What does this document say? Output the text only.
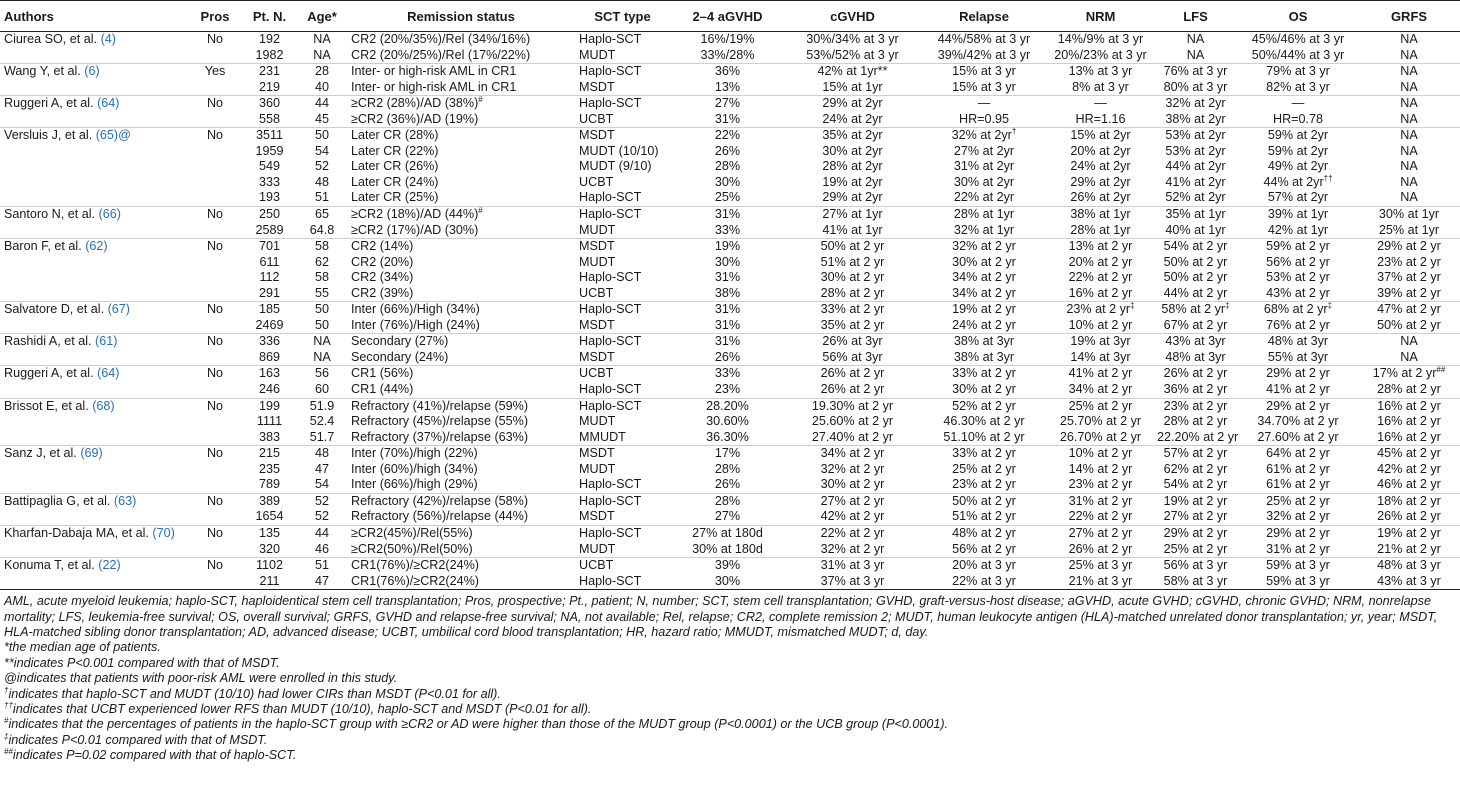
Authors	Pros	Pt. N.	Age*	Remission status	SCT type	2–4 aGVHD	cGVHD	Relapse	NRM	LFS	OS	GRFS
Ciurea SO, et al. (4)	No	192	NA	CR2 (20%/35%)/Rel (34%/16%)	Haplo-SCT	16%/19%	30%/34% at 3 yr	44%/58% at 3 yr	14%/9% at 3 yr	NA	45%/46% at 3 yr	NA
		1982	NA	CR2 (20%/25%)/Rel (17%/22%)	MUDT	33%/28%	53%/52% at 3 yr	39%/42% at 3 yr	20%/23% at 3 yr	NA	50%/44% at 3 yr	NA
Wang Y, et al. (6)	Yes	231	28	Inter- or high-risk AML in CR1	Haplo-SCT	36%	42% at 1yr**	15% at 3 yr	13% at 3 yr	76% at 3 yr	79% at 3 yr	NA
		219	40	Inter- or high-risk AML in CR1	MSDT	13%	15% at 1yr	15% at 3 yr	8% at 3 yr	80% at 3 yr	82% at 3 yr	NA
Ruggeri A, et al. (64)	No	360	44	≥CR2 (28%)/AD (38%)#	Haplo-SCT	27%	29% at 2yr	—	—	32% at 2yr	—	NA
		558	45	≥CR2 (36%)/AD (19%)	UCBT	31%	24% at 2yr	HR=0.95	HR=1.16	38% at 2yr	HR=0.78	NA
Versluis J, et al. (65)@	No	3511	50	Later CR (28%)	MSDT	22%	35% at 2yr	32% at 2yr†	15% at 2yr	53% at 2yr	59% at 2yr	NA
		1959	54	Later CR (22%)	MUDT (10/10)	26%	30% at 2yr	27% at 2yr	20% at 2yr	53% at 2yr	59% at 2yr	NA
		549	52	Later CR (26%)	MUDT (9/10)	28%	28% at 2yr	31% at 2yr	24% at 2yr	44% at 2yr	49% at 2yr	NA
		333	48	Later CR (24%)	UCBT	30%	19% at 2yr	30% at 2yr	29% at 2yr	41% at 2yr	44% at 2yr††	NA
		193	51	Later CR (25%)	Haplo-SCT	25%	29% at 2yr	22% at 2yr	26% at 2yr	52% at 2yr	57% at 2yr	NA
Santoro N, et al. (66)	No	250	65	≥CR2 (18%)/AD (44%)#	Haplo-SCT	31%	27% at 1yr	28% at 1yr	38% at 1yr	35% at 1yr	39% at 1yr	30% at 1yr
		2589	64.8	≥CR2 (17%)/AD (30%)	MUDT	33%	41% at 1yr	32% at 1yr	28% at 1yr	40% at 1yr	42% at 1yr	25% at 1yr
Baron F, et al. (62)	No	701	58	CR2 (14%)	MSDT	19%	50% at 2 yr	32% at 2 yr	13% at 2 yr	54% at 2 yr	59% at 2 yr	29% at 2 yr
		611	62	CR2 (20%)	MUDT	30%	51% at 2 yr	30% at 2 yr	20% at 2 yr	50% at 2 yr	56% at 2 yr	23% at 2 yr
		112	58	CR2 (34%)	Haplo-SCT	31%	30% at 2 yr	34% at 2 yr	22% at 2 yr	50% at 2 yr	53% at 2 yr	37% at 2 yr
		291	55	CR2 (39%)	UCBT	38%	28% at 2 yr	34% at 2 yr	16% at 2 yr	44% at 2 yr	43% at 2 yr	39% at 2 yr
Salvatore D, et al. (67)	No	185	50	Inter (66%)/High (34%)	Haplo-SCT	31%	33% at 2 yr	19% at 2 yr	23% at 2 yr‡	58% at 2 yr‡	68% at 2 yr‡	47% at 2 yr
		2469	50	Inter (76%)/High (24%)	MSDT	31%	35% at 2 yr	24% at 2 yr	10% at 2 yr	67% at 2 yr	76% at 2 yr	50% at 2 yr
Rashidi A, et al. (61)	No	336	NA	Secondary (27%)	Haplo-SCT	31%	26% at 3yr	38% at 3yr	19% at 3yr	43% at 3yr	48% at 3yr	NA
		869	NA	Secondary (24%)	MSDT	26%	56% at 3yr	38% at 3yr	14% at 3yr	48% at 3yr	55% at 3yr	NA
Ruggeri A, et al. (64)	No	163	56	CR1 (56%)	UCBT	33%	26% at 2 yr	33% at 2 yr	41% at 2 yr	26% at 2 yr	29% at 2 yr	17% at 2 yr##
		246	60	CR1 (44%)	Haplo-SCT	23%	26% at 2 yr	30% at 2 yr	34% at 2 yr	36% at 2 yr	41% at 2 yr	28% at 2 yr
Brissot E, et al. (68)	No	199	51.9	Refractory (41%)/relapse (59%)	Haplo-SCT	28.20%	19.30% at 2 yr	52% at 2 yr	25% at 2 yr	23% at 2 yr	29% at 2 yr	16% at 2 yr
		1111	52.4	Refractory (45%)/relapse (55%)	MUDT	30.60%	25.60% at 2 yr	46.30% at 2 yr	25.70% at 2 yr	28% at 2 yr	34.70% at 2 yr	16% at 2 yr
		383	51.7	Refractory (37%)/relapse (63%)	MMUDT	36.30%	27.40% at 2 yr	51.10% at 2 yr	26.70% at 2 yr	22.20% at 2 yr	27.60% at 2 yr	16% at 2 yr
Sanz J, et al. (69)	No	215	48	Inter (70%)/high (22%)	MSDT	17%	34% at 2 yr	33% at 2 yr	10% at 2 yr	57% at 2 yr	64% at 2 yr	45% at 2 yr
		235	47	Inter (60%)/high (34%)	MUDT	28%	32% at 2 yr	25% at 2 yr	14% at 2 yr	62% at 2 yr	61% at 2 yr	42% at 2 yr
		789	54	Inter (66%)/high (29%)	Haplo-SCT	26%	30% at 2 yr	23% at 2 yr	23% at 2 yr	54% at 2 yr	61% at 2 yr	46% at 2 yr
Battipaglia G, et al. (63)	No	389	52	Refractory (42%)/relapse (58%)	Haplo-SCT	28%	27% at 2 yr	50% at 2 yr	31% at 2 yr	19% at 2 yr	25% at 2 yr	18% at 2 yr
		1654	52	Refractory (56%)/relapse (44%)	MSDT	27%	42% at 2 yr	51% at 2 yr	22% at 2 yr	27% at 2 yr	32% at 2 yr	26% at 2 yr
Kharfan-Dabaja MA, et al. (70)	No	135	44	≥CR2(45%)/Rel(55%)	Haplo-SCT	27% at 180d	22% at 2 yr	48% at 2 yr	27% at 2 yr	29% at 2 yr	29% at 2 yr	19% at 2 yr
		320	46	≥CR2(50%)/Rel(50%)	MUDT	30% at 180d	32% at 2 yr	56% at 2 yr	26% at 2 yr	25% at 2 yr	31% at 2 yr	21% at 2 yr
Konuma T, et al. (22)	No	1102	51	CR1(76%)/≥CR2(24%)	UCBT	39%	31% at 3 yr	20% at 3 yr	25% at 3 yr	56% at 3 yr	59% at 3 yr	48% at 3 yr
		211	47	CR1(76%)/≥CR2(24%)	Haplo-SCT	30%	37% at 3 yr	22% at 3 yr	21% at 3 yr	58% at 3 yr	59% at 3 yr	43% at 3 yr
AML, acute myeloid leukemia; haplo-SCT, haploidentical stem cell transplantation; Pros, prospective; Pt., patient; N, number; SCT, stem cell transplantation; GVHD, graft-versus-host disease; aGVHD, acute GVHD; cGVHD, chronic GVHD; NRM, nonrelapse mortality; LFS, leukemia-free survival; OS, overall survival; GRFS, GVHD and relapse-free survival; NA, not available; Rel, relapse; CR2, complete remission 2; MUDT, human leukocyte antigen (HLA)-matched unrelated donor transplantation; yr, year; MSDT, HLA-matched sibling donor transplantation; AD, advanced disease; UCBT, umbilical cord blood transplantation; HR, hazard ratio; MMUDT, mismatched MUDT; d, day.
*the median age of patients.
**indicates P<0.001 compared with that of MSDT.
@indicates that patients with poor-risk AML were enrolled in this study.
†indicates that haplo-SCT and MUDT (10/10) had lower CIRs than MSDT (P<0.01 for all).
††indicates that UCBT experienced lower RFS than MUDT (10/10), haplo-SCT and MSDT (P<0.01 for all).
#indicates that the percentages of patients in the haplo-SCT group with ≥CR2 or AD were higher than those of the MUDT group (P<0.0001) or the UCB group (P<0.0001).
‡indicates P<0.01 compared with that of MSDT.
##indicates P=0.02 compared with that of haplo-SCT.
